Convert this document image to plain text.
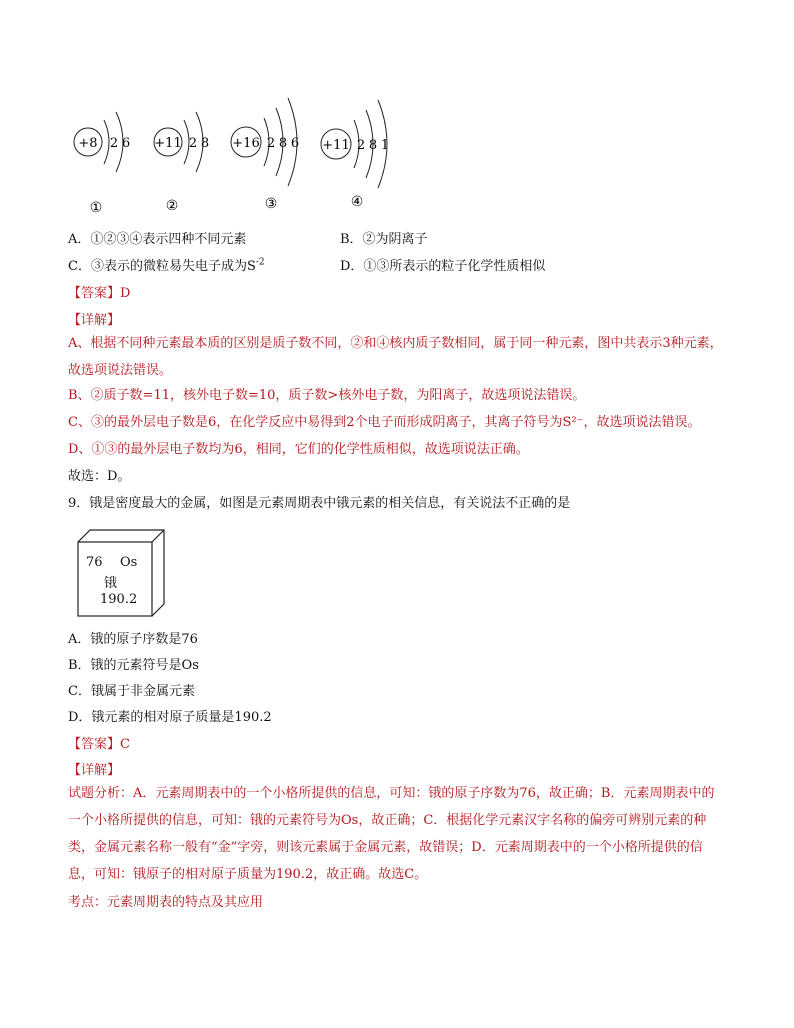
+8 2 6
①
+11 2 8
②
+16 2 8 6
③
+11 2 8 1
④
A．①②③④表示四种不同元素	B．②为阴离子
C．③表示的微粒易失电子成为$S^{-2}$	D．①③所表示的粒子化学性质相似
【答案】D
【详解】
A、根据不同种元素最本质的区别是质子数不同，②和④核内质子数相同，属于同一种元素，图中共表示3种元素，故选项说法错误。
B、②质子数=11，核外电子数=10，质子数>核外电子数，为阳离子，故选项说法错误。
C、③的最外层电子数是6，在化学反应中易得到2个电子而形成阴离子，其离子符号为S²⁻，故选项说法错误。
D、①③的最外层电子数均为6，相同，它们的化学性质相似，故选项说法正确。
故选：D。
9．锇是密度最大的金属，如图是元素周期表中锇元素的相关信息，有关说法不正确的是
76 Os
锇
190.2
A．锇的原子序数是76
B．锇的元素符号是Os
C．锇属于非金属元素
D．锇元素的相对原子质量是190.2
【答案】C
【详解】
试题分析：A．元素周期表中的一个小格所提供的信息，可知：锇的原子序数为76，故正确；B．元素周期表中的一个小格所提供的信息，可知：锇的元素符号为Os，故正确；C．根据化学元素汉字名称的偏旁可辨别元素的种类，金属元素名称一般有“金”字旁，则该元素属于金属元素，故错误；D．元素周期表中的一个小格所提供的信息，可知：锇原子的相对原子质量为190.2，故正确。故选C。
考点：元素周期表的特点及其应用
